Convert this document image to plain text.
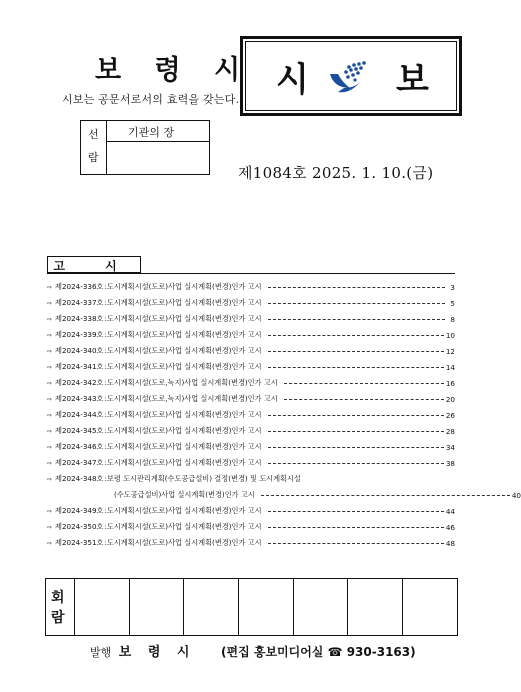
보 령 시
시보는 공문서로서의 효력을 갖는다. 시	보
선
람
기관의 장
제1084호 2025. 1. 10.(금)
고 시
⇨ 제2024-336호 :도시계획시설(도로)사업 실시계획(변경)인가 고시	3
⇨ 제2024-337호 :도시계획시설(도로)사업 실시계획(변경)인가 고시	5
⇨ 제2024-338호 :도시계획시설(도로)사업 실시계획(변경)인가 고시	8
⇨ 제2024-339호 :도시계획시설(도로)사업 실시계획(변경)인가 고시	10
⇨ 제2024-340호 :도시계획시설(도로)사업 실시계획(변경)인가 고시	12
⇨ 제2024-341호 :도시계획시설(도로)사업 실시계획(변경)인가 고시	14
⇨ 제2024-342호 :도시계획시설(도로,녹지)사업 실시계획(변경)인가 고시	16
⇨ 제2024-343호 :도시계획시설(도로,녹지)사업 실시계획(변경)인가 고시	20
⇨ 제2024-344호 :도시계획시설(도로)사업 실시계획(변경)인가 고시	26
⇨ 제2024-345호 :도시계획시설(도로)사업 실시계획(변경)인가 고시	28
⇨ 제2024-346호 :도시계획시설(도로)사업 실시계획(변경)인가 고시	34
⇨ 제2024-347호 :도시계획시설(도로)사업 실시계획(변경)인가 고시	38
⇨ 제2024-348호 :보령 도시관리계획(수도공급설비) 결정(변경) 및 도시계획시설
(수도공급설비)사업 실시계획(변경)인가 고시	40
⇨ 제2024-349호 :도시계획시설(도로)사업 실시계획(변경)인가 고시	44
⇨ 제2024-350호 :도시계획시설(도로)사업 실시계획(변경)인가 고시	46
⇨ 제2024-351호 :도시계획시설(도로)사업 실시계획(변경)인가 고시	48
회
람
발행 보 령 시 (편집 홍보미디어실 ☎ 930-3163)
